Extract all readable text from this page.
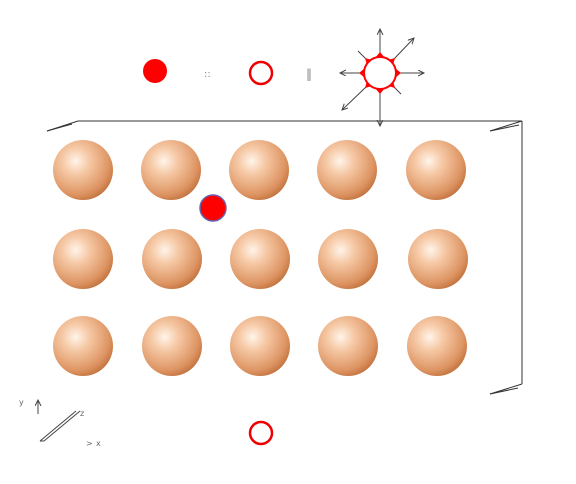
::	‖
y
z
x
>
